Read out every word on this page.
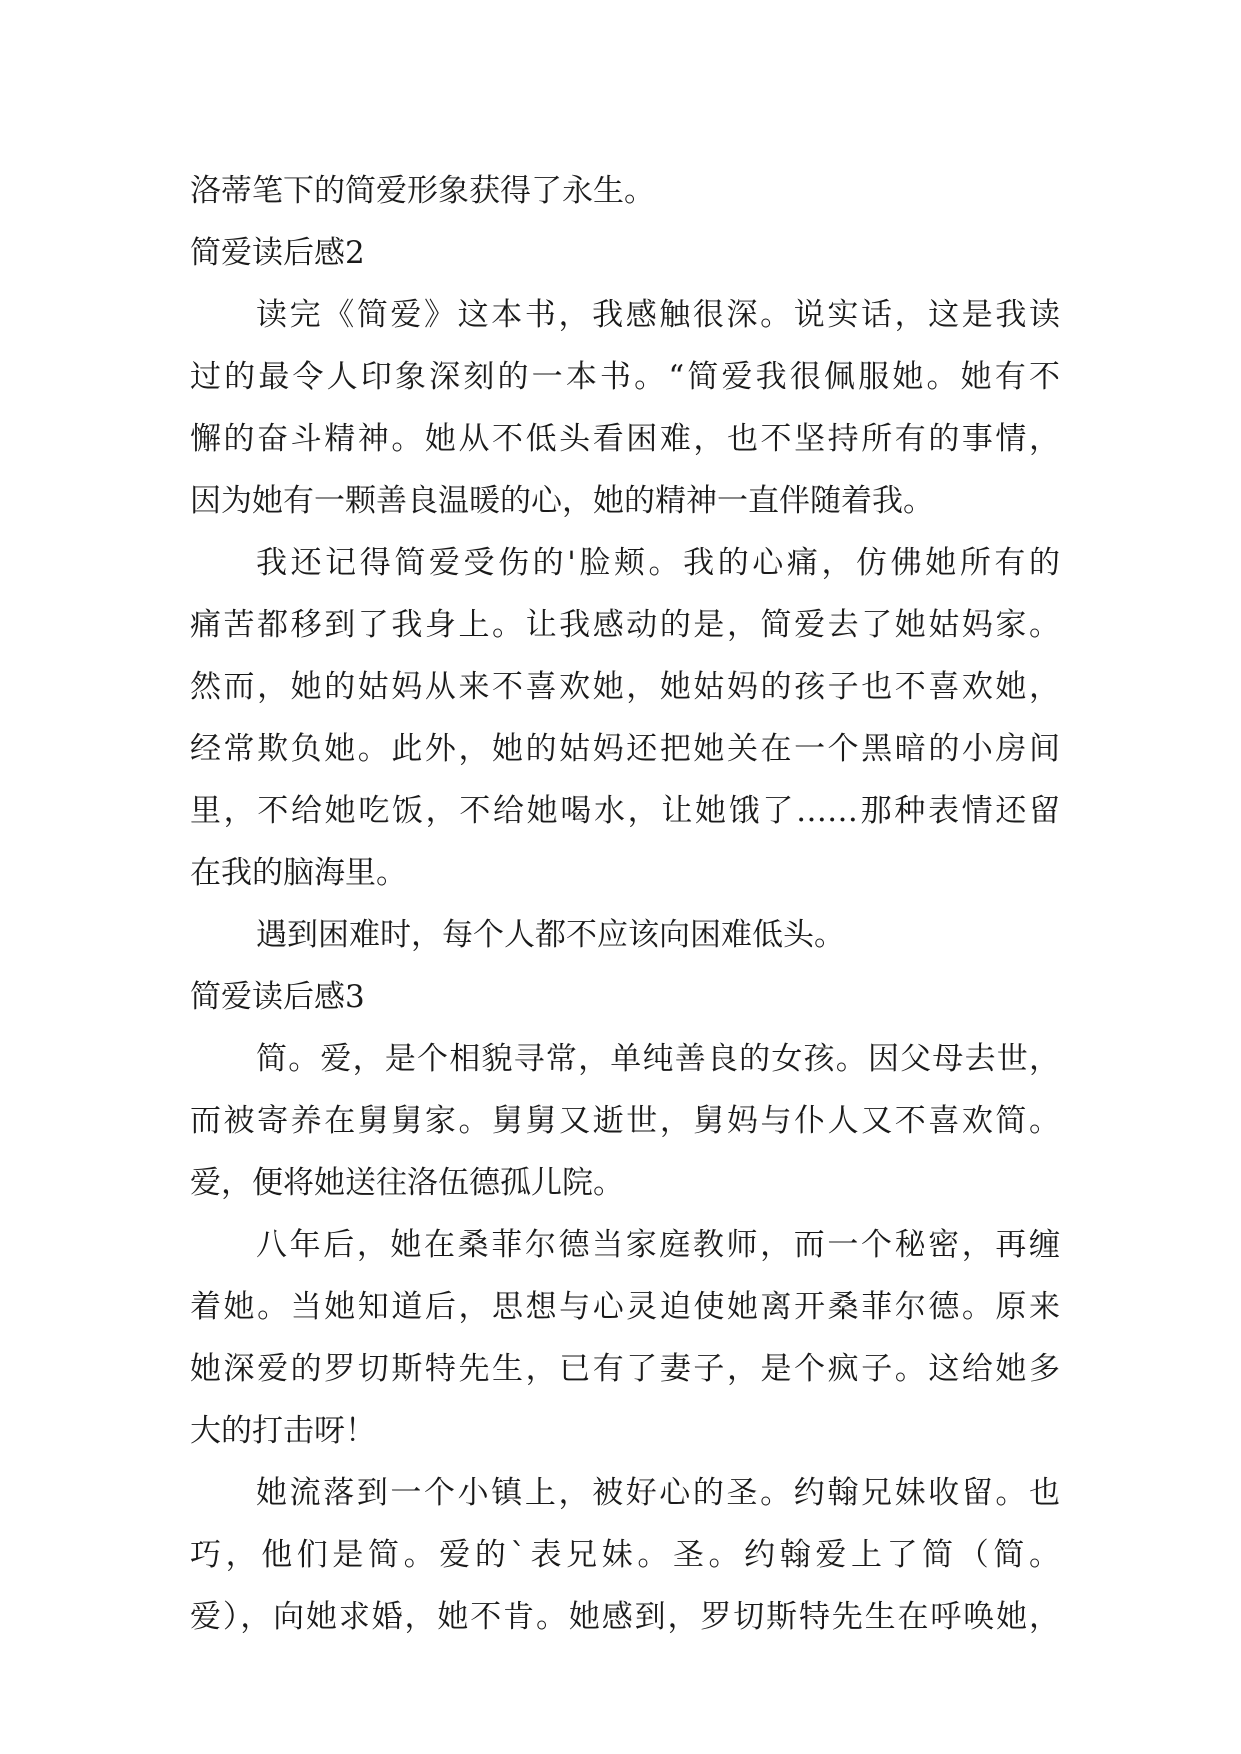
洛蒂笔下的简爱形象获得了永生。
简爱读后感2
读完《简爱》这本书，我感触很深。说实话，这是我读
过的最令人印象深刻的一本书。“简爱我很佩服她。她有不
懈的奋斗精神。她从不低头看困难，也不坚持所有的事情，
因为她有一颗善良温暖的心，她的精神一直伴随着我。
我还记得简爱受伤的'脸颊。我的心痛，仿佛她所有的
痛苦都移到了我身上。让我感动的是，简爱去了她姑妈家。
然而，她的姑妈从来不喜欢她，她姑妈的孩子也不喜欢她，
经常欺负她。此外，她的姑妈还把她关在一个黑暗的小房间
里，不给她吃饭，不给她喝水，让她饿了……那种表情还留
在我的脑海里。
遇到困难时，每个人都不应该向困难低头。
简爱读后感3
简。爱，是个相貌寻常，单纯善良的女孩。因父母去世，
而被寄养在舅舅家。舅舅又逝世，舅妈与仆人又不喜欢简。
爱，便将她送往洛伍德孤儿院。
八年后，她在桑菲尔德当家庭教师，而一个秘密，再缠
着她。当她知道后，思想与心灵迫使她离开桑菲尔德。原来
她深爱的罗切斯特先生，已有了妻子，是个疯子。这给她多
大的打击呀！
她流落到一个小镇上，被好心的圣。约翰兄妹收留。也
巧，他们是简。爱的`表兄妹。圣。约翰爱上了简（简。
爱），向她求婚，她不肯。她感到，罗切斯特先生在呼唤她，
